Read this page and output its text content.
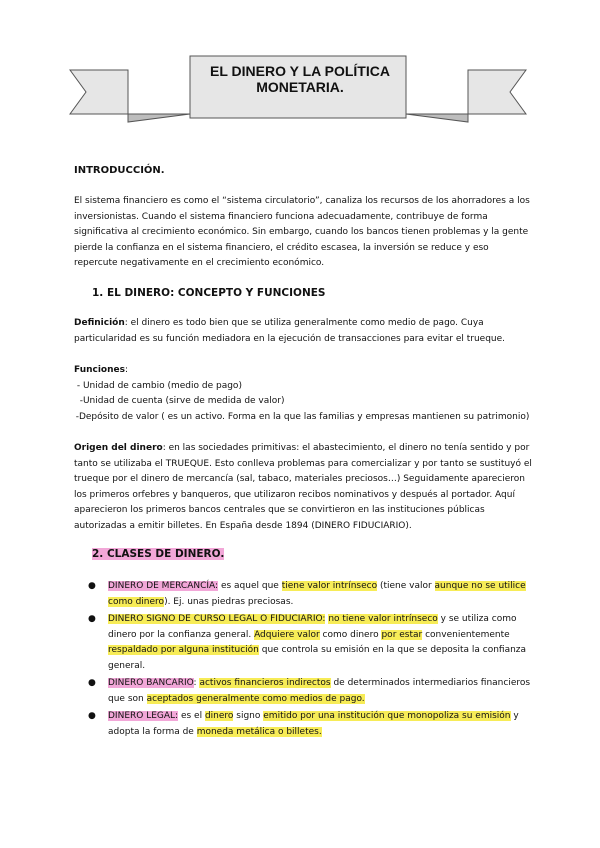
EL DINERO Y LA POLÍTICA
MONETARIA.
INTRODUCCIÓN.
El sistema financiero es como el “sistema circulatorio”, canaliza los recursos de los ahorradores a los inversionistas. Cuando el sistema financiero funciona adecuadamente, contribuye de forma significativa al crecimiento económico. Sin embargo, cuando los bancos tienen problemas y la gente pierde la confianza en el sistema financiero, el crédito escasea, la inversión se reduce y eso repercute negativamente en el crecimiento económico.
1. EL DINERO: CONCEPTO Y FUNCIONES
Definición: el dinero es todo bien que se utiliza generalmente como medio de pago. Cuya particularidad es su función mediadora en la ejecución de transacciones para evitar el trueque.
Funciones:
- Unidad de cambio (medio de pago)
-Unidad de cuenta (sirve de medida de valor)
-Depósito de valor ( es un activo. Forma en la que las familias y empresas mantienen su patrimonio)
Origen del dinero: en las sociedades primitivas: el abastecimiento, el dinero no tenía sentido y por tanto se utilizaba el TRUEQUE. Esto conlleva problemas para comercializar y por tanto se sustituyó el trueque por el dinero de mercancía (sal, tabaco, materiales preciosos…) Seguidamente aparecieron los primeros orfebres y banqueros, que utilizaron recibos nominativos y después al portador. Aquí aparecieron los primeros bancos centrales que se convirtieron en las instituciones públicas autorizadas a emitir billetes. En España desde 1894 (DINERO FIDUCIARIO).
2. CLASES DE DINERO.
● DINERO DE MERCANCÍA: es aquel que tiene valor intrínseco (tiene valor aunque no se utilice como dinero). Ej. unas piedras preciosas.
● DINERO SIGNO DE CURSO LEGAL O FIDUCIARIO: no tiene valor intrínseco y se utiliza como dinero por la confianza general. Adquiere valor como dinero por estar convenientemente respaldado por alguna institución que controla su emisión en la que se deposita la confianza general.
● DINERO BANCARIO: activos financieros indirectos de determinados intermediarios financieros que son aceptados generalmente como medios de pago.
● DINERO LEGAL: es el dinero signo emitido por una institución que monopoliza su emisión y adopta la forma de moneda metálica o billetes.
